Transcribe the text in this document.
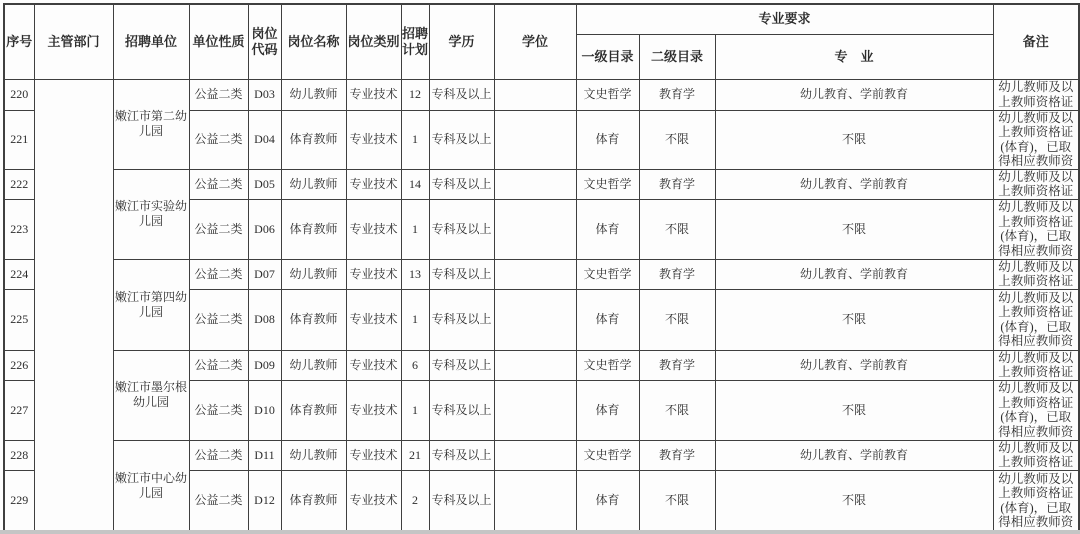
序号	主管部门	招聘单位	单位性质	岗位代码	岗位名称	岗位类别	招聘计划	学历	学位	专业要求			备注
										一级目录	二级目录	专　业	
220		嫩江市第二幼儿园	公益二类	D03	幼儿教师	专业技术	12	专科及以上		文史哲学	教育学	幼儿教育、学前教育	幼儿教师及以上教师资格证

221			公益二类	D04	体育教师	专业技术	1	专科及以上		体育	不限	不限	幼儿教师及以上教师资格证(体育)，已取得相应教师资

222		嫩江市实验幼儿园	公益二类	D05	幼儿教师	专业技术	14	专科及以上		文史哲学	教育学	幼儿教育、学前教育	幼儿教师及以上教师资格证

223			公益二类	D06	体育教师	专业技术	1	专科及以上		体育	不限	不限	幼儿教师及以上教师资格证(体育)，已取得相应教师资

224		嫩江市第四幼儿园	公益二类	D07	幼儿教师	专业技术	13	专科及以上		文史哲学	教育学	幼儿教育、学前教育	幼儿教师及以上教师资格证

225			公益二类	D08	体育教师	专业技术	1	专科及以上		体育	不限	不限	幼儿教师及以上教师资格证(体育)，已取得相应教师资

226		嫩江市墨尔根幼儿园	公益二类	D09	幼儿教师	专业技术	6	专科及以上		文史哲学	教育学	幼儿教育、学前教育	幼儿教师及以上教师资格证

227			公益二类	D10	体育教师	专业技术	1	专科及以上		体育	不限	不限	幼儿教师及以上教师资格证(体育)，已取得相应教师资

228		嫩江市中心幼儿园	公益二类	D11	幼儿教师	专业技术	21	专科及以上		文史哲学	教育学	幼儿教育、学前教育	幼儿教师及以上教师资格证

229			公益二类	D12	体育教师	专业技术	2	专科及以上		体育	不限	不限	幼儿教师及以上教师资格证(体育)，已取得相应教师资
